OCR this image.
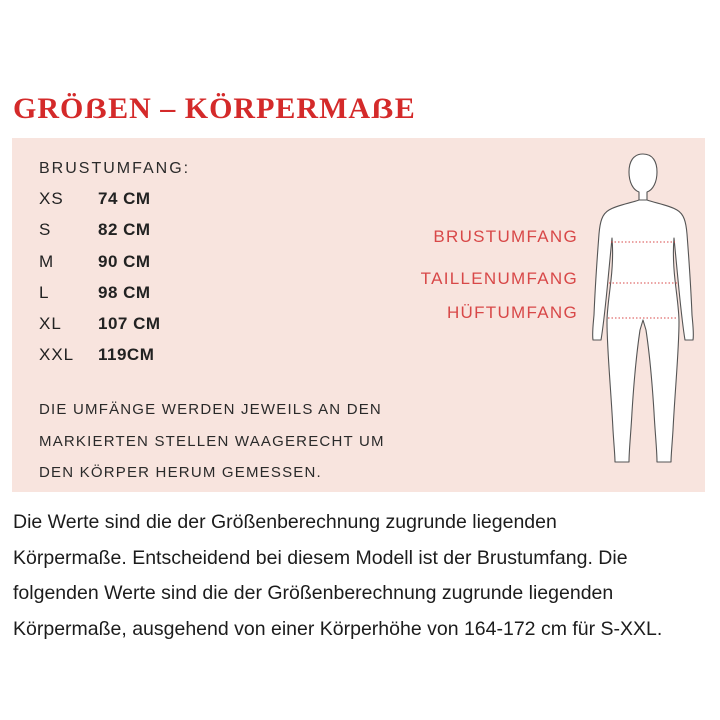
GRÖẞEN – KÖRPERMAẞE
BRUSTUMFANG:
XS	74 CM
S	82 CM
M	90 CM
L	98 CM
XL	107 CM
XXL	119CM
DIE UMFÄNGE WERDEN JEWEILS AN DEN
MARKIERTEN STELLEN WAAGERECHT UM
DEN KÖRPER HERUM GEMESSEN.
BRUSTUMFANG
TAILLENUMFANG
HÜFTUMFANG
Die Werte sind die der Größenberechnung zugrunde liegenden
Körpermaße. Entscheidend bei diesem Modell ist der Brustumfang. Die
folgenden Werte sind die der Größenberechnung zugrunde liegenden
Körpermaße, ausgehend von einer Körperhöhe von 164-172 cm für S-XXL.
